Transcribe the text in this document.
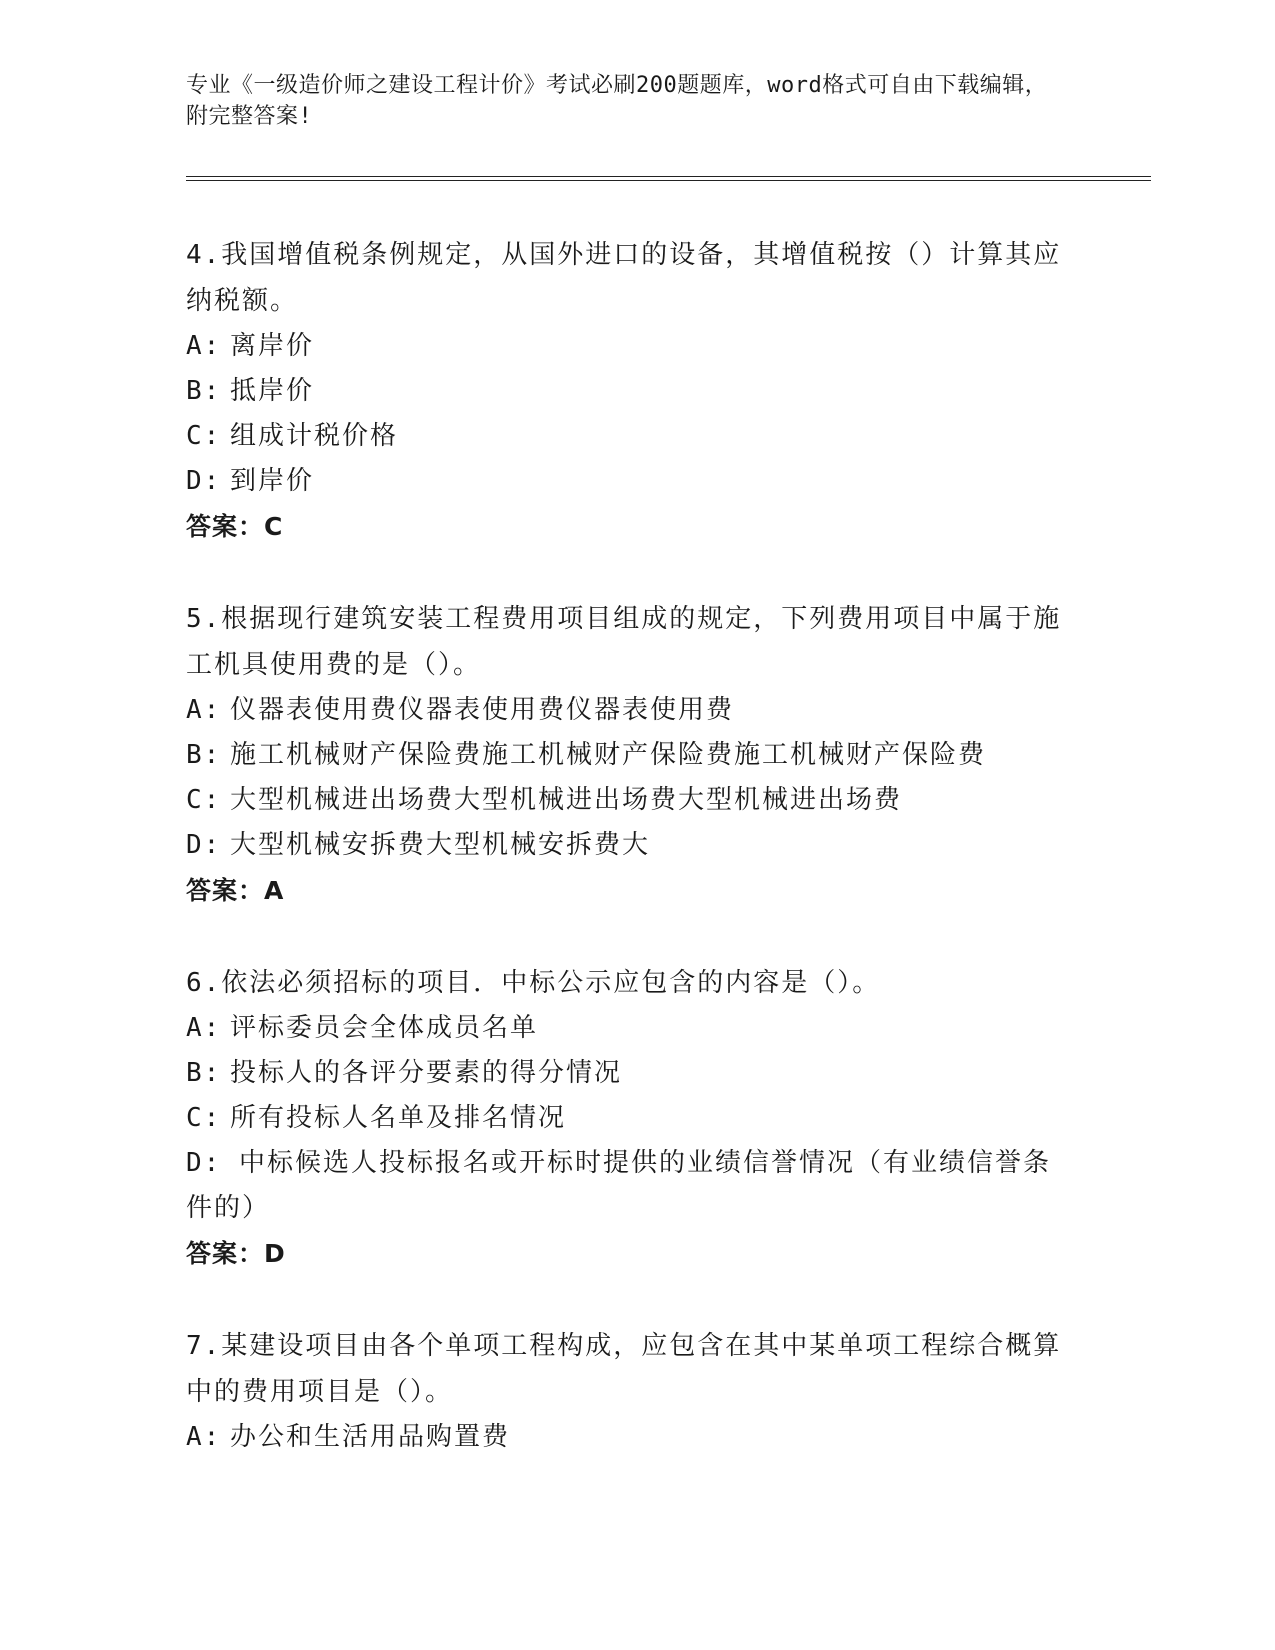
专业《一级造价师之建设工程计价》考试必刷200题题库，word格式可自由下载编辑，附完整答案!
4.我国增值税条例规定，从国外进口的设备，其增值税按（）计算其应纳税额。
A: 离岸价
B: 抵岸价
C: 组成计税价格
D: 到岸价
答案：C
5.根据现行建筑安装工程费用项目组成的规定，下列费用项目中属于施工机具使用费的是（）。
A: 仪器表使用费仪器表使用费仪器表使用费
B: 施工机械财产保险费施工机械财产保险费施工机械财产保险费
C: 大型机械进出场费大型机械进出场费大型机械进出场费
D: 大型机械安拆费大型机械安拆费大
答案：A
6.依法必须招标的项目．中标公示应包含的内容是（）。
A: 评标委员会全体成员名单
B: 投标人的各评分要素的得分情况
C: 所有投标人名单及排名情况
D: 中标候选人投标报名或开标时提供的业绩信誉情况（有业绩信誉条件的）
答案：D
7.某建设项目由各个单项工程构成，应包含在其中某单项工程综合概算中的费用项目是（）。
A: 办公和生活用品购置费
